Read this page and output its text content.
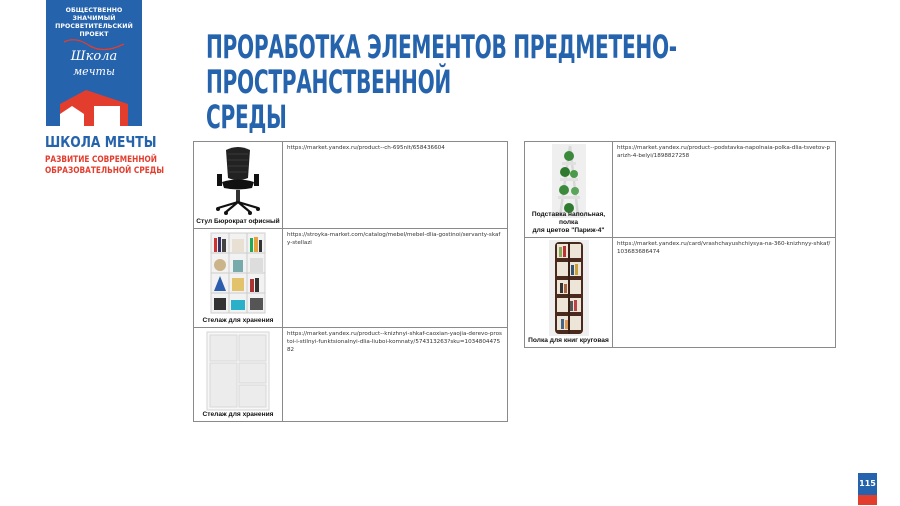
ОБЩЕСТВЕННО ЗНАЧИМЫЙ
ПРОСВЕТИТЕЛЬСКИЙ ПРОЕКТ
Школа
мечты
ШКОЛА МЕЧТЫ
РАЗВИТИЕ СОВРЕМЕННОЙ
ОБРАЗОВАТЕЛЬНОЙ СРЕДЫ
ПРОРАБОТКА ЭЛЕМЕНТОВ ПРЕДМЕТЕНО-ПРОСТРАНСТВЕННОЙ
СРЕДЫ
Стул Бюрократ офисный	https://market.yandex.ru/product--ch-695nlt/658436604

Стелаж для хранения	https://stroyka-market.com/catalog/mebel/mebel-dlia-gostinoi/servanty-skafy-stellazi

Стелаж для хранения	https://market.yandex.ru/product--knizhnyi-shkaf-caoxian-yaojia-derevo-prostoi-i-stilnyi-funktsionalnyi-dlia-liuboi-komnaty/574313263?sku=103480447582
Подставка напольная, полка
для цветов "Париж-4"	https://market.yandex.ru/product--podstavka-napolnaia-polka-dlia-tsvetov-parizh-4-belyi/1898827258

Полка для книг круговая	https://market.yandex.ru/card/vrashchayushchiysya-na-360-knizhnyy-shkaf/103683686474
115
